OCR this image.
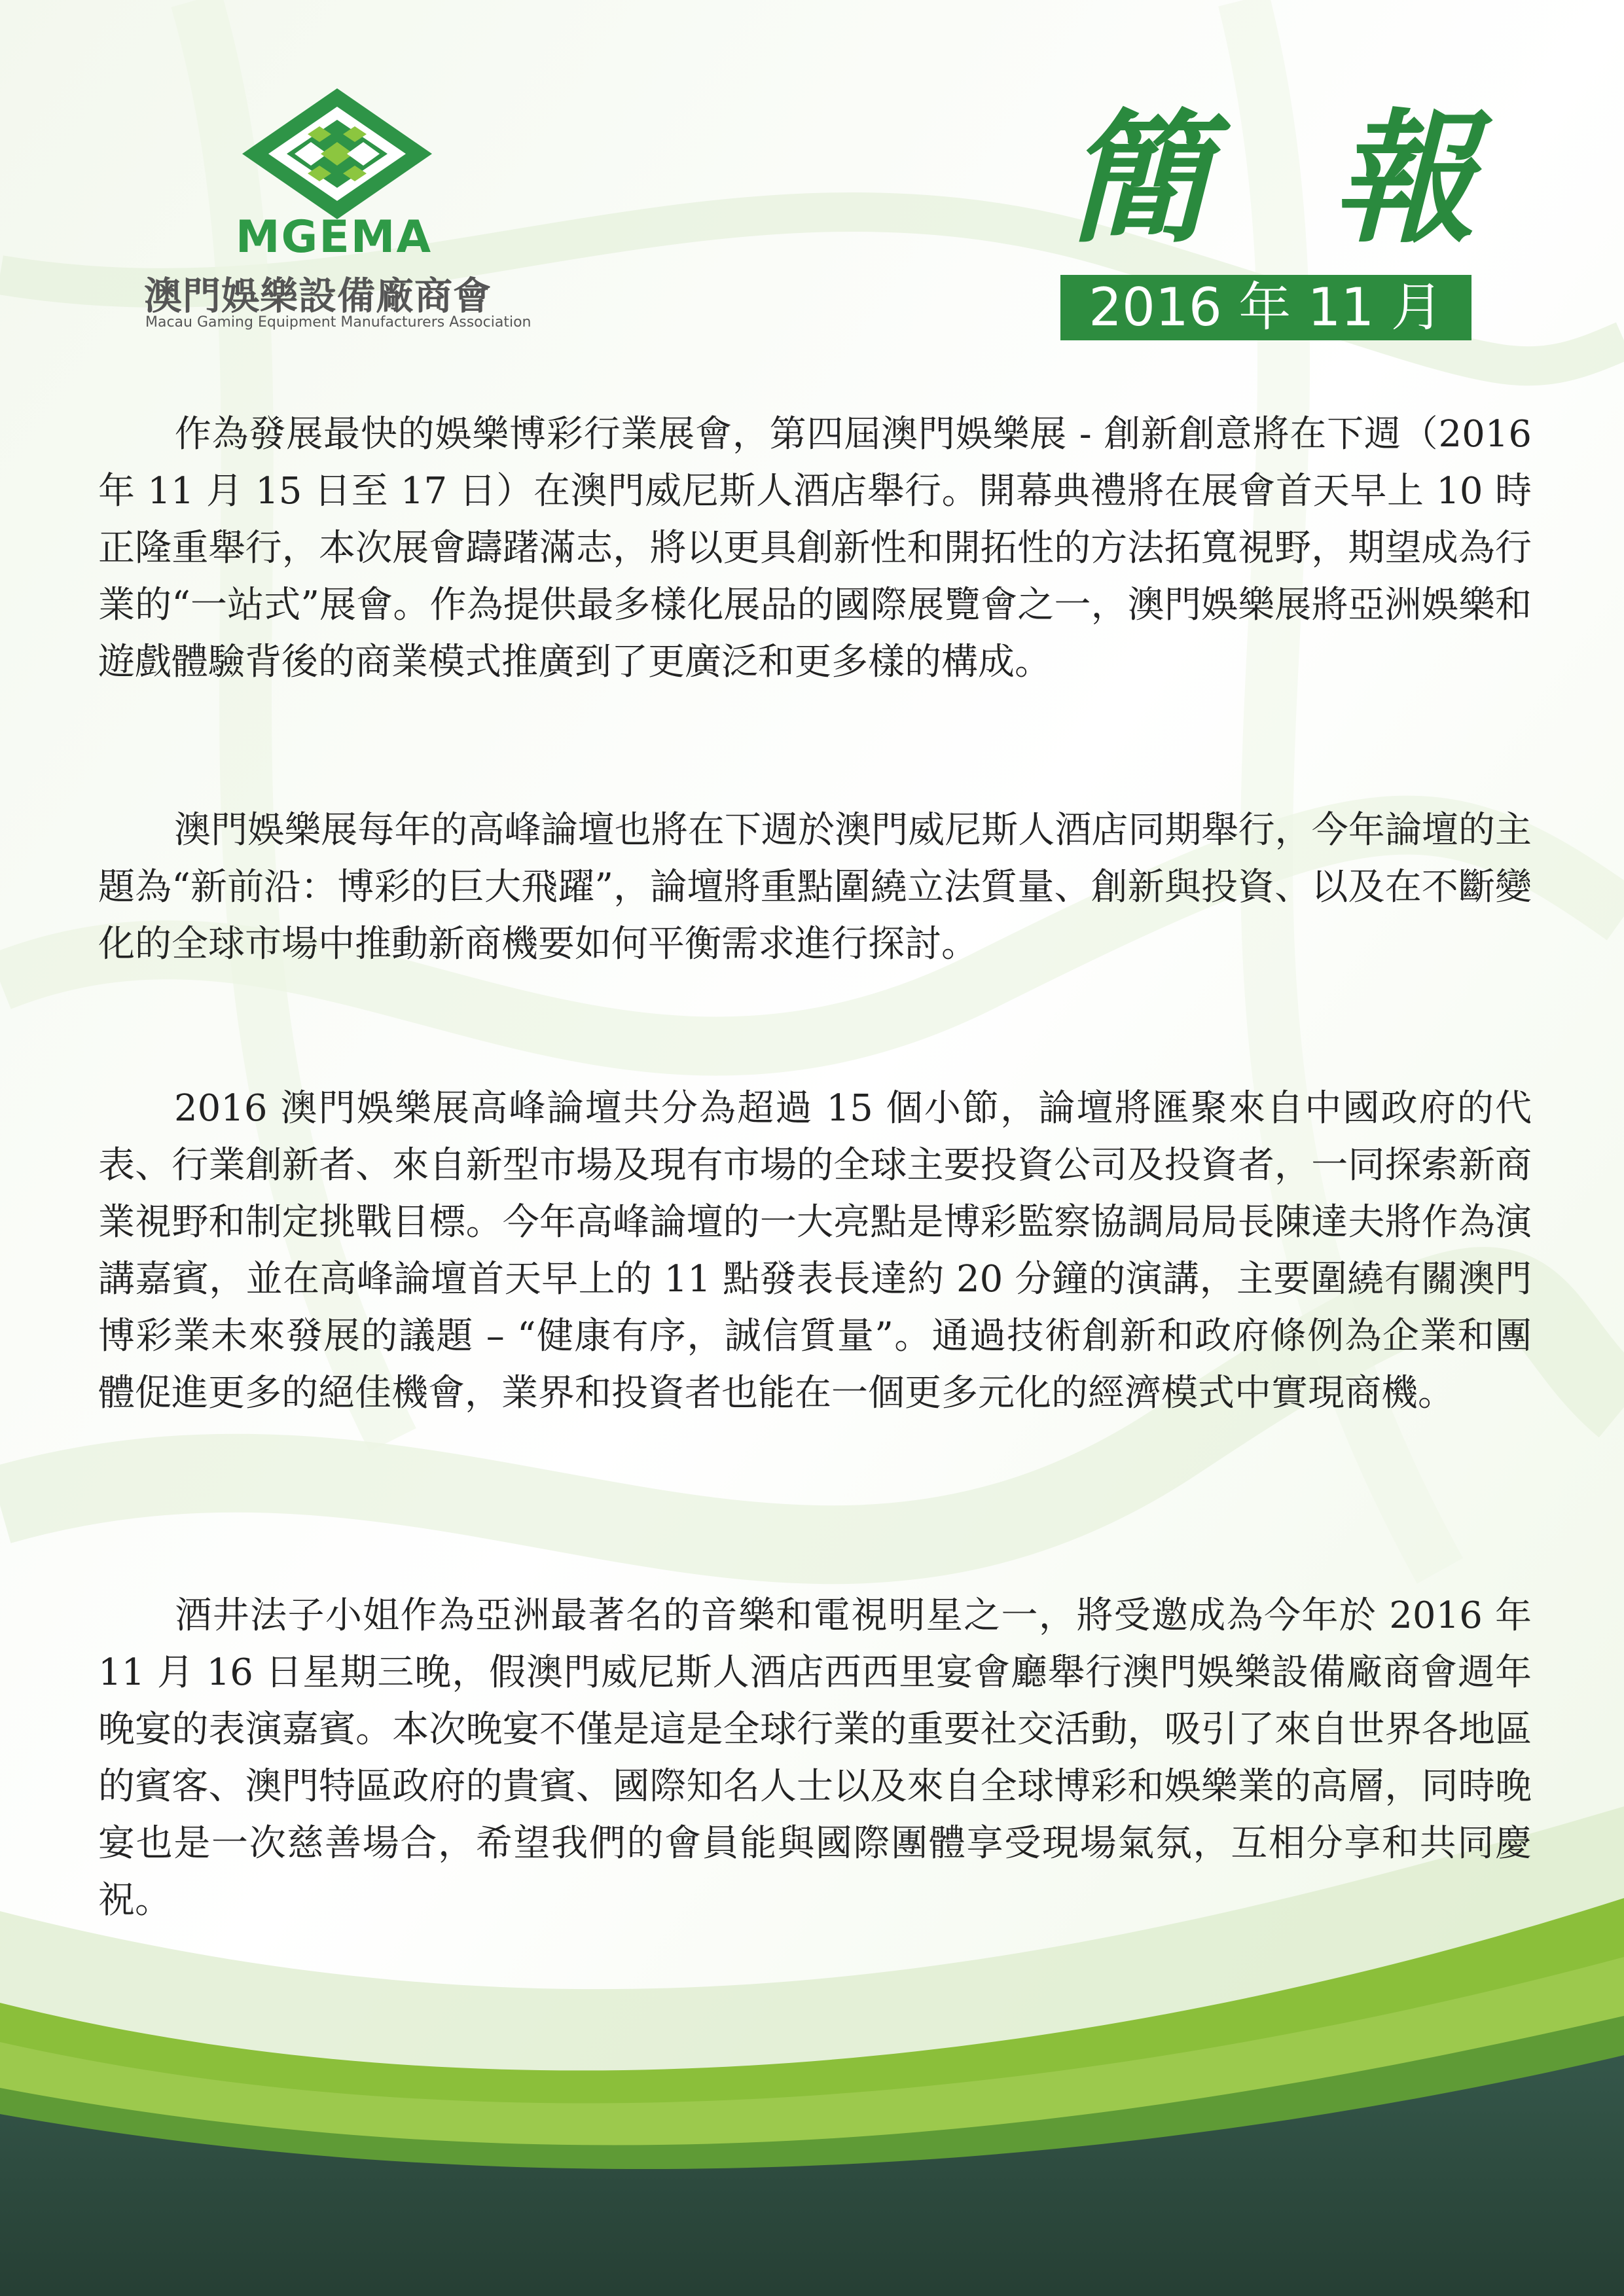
MGEMA
澳門娛樂設備廠商會
Macau Gaming Equipment Manufacturers Association
簡 報
2016 年 11 月

作為發展最快的娛樂博彩行業展會，第四屆澳門娛樂展 - 創新創意將在下週（2016 年 11 月 15 日至 17 日）在澳門威尼斯人酒店舉行。開幕典禮將在展會首天早上 10 時正隆重舉行，本次展會躊躇滿志，將以更具創新性和開拓性的方法拓寬視野，期望成為行業的“一站式”展會。作為提供最多樣化展品的國際展覽會之一，澳門娛樂展將亞洲娛樂和遊戲體驗背後的商業模式推廣到了更廣泛和更多樣的構成。

澳門娛樂展每年的高峰論壇也將在下週於澳門威尼斯人酒店同期舉行，今年論壇的主題為“新前沿：博彩的巨大飛躍”，論壇將重點圍繞立法質量、創新與投資、以及在不斷變化的全球市場中推動新商機要如何平衡需求進行探討。

2016 澳門娛樂展高峰論壇共分為超過 15 個小節，論壇將匯聚來自中國政府的代表、行業創新者、來自新型市場及現有市場的全球主要投資公司及投資者，一同探索新商業視野和制定挑戰目標。今年高峰論壇的一大亮點是博彩監察協調局局長陳達夫將作為演講嘉賓，並在高峰論壇首天早上的 11 點發表長達約 20 分鐘的演講，主要圍繞有關澳門博彩業未來發展的議題 – “健康有序，誠信質量”。通過技術創新和政府條例為企業和團體促進更多的絕佳機會，業界和投資者也能在一個更多元化的經濟模式中實現商機。

酒井法子小姐作為亞洲最著名的音樂和電視明星之一，將受邀成為今年於 2016 年 11 月 16 日星期三晚，假澳門威尼斯人酒店西西里宴會廳舉行澳門娛樂設備廠商會週年晚宴的表演嘉賓。本次晚宴不僅是這是全球行業的重要社交活動，吸引了來自世界各地區的賓客、澳門特區政府的貴賓、國際知名人士以及來自全球博彩和娛樂業的高層，同時晚宴也是一次慈善場合，希望我們的會員能與國際團體享受現場氣氛，互相分享和共同慶祝。
